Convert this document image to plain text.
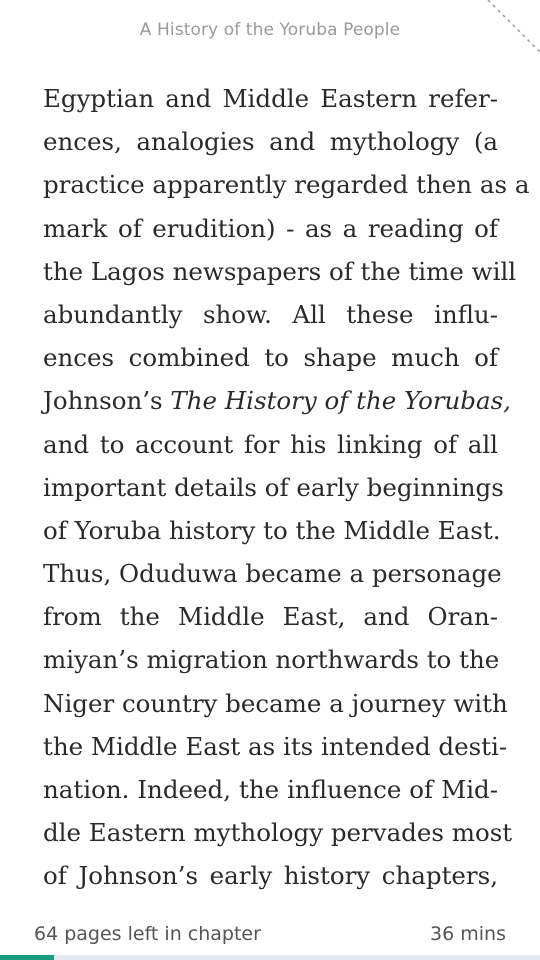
A History of the Yoruba People
Egyptian and Middle Eastern refer-
ences, analogies and mythology (a
practice apparently regarded then as a
mark of erudition) - as a reading of
the Lagos newspapers of the time will
abundantly show. All these influ-
ences combined to shape much of
Johnson’s The History of the Yorubas,
and to account for his linking of all
important details of early beginnings
of Yoruba history to the Middle East.
Thus, Oduduwa became a personage
from the Middle East, and Oran-
miyan’s migration northwards to the
Niger country became a journey with
the Middle East as its intended desti-
nation. Indeed, the influence of Mid-
dle Eastern mythology pervades most
of Johnson’s early history chapters,
64 pages left in chapter	36 mins
